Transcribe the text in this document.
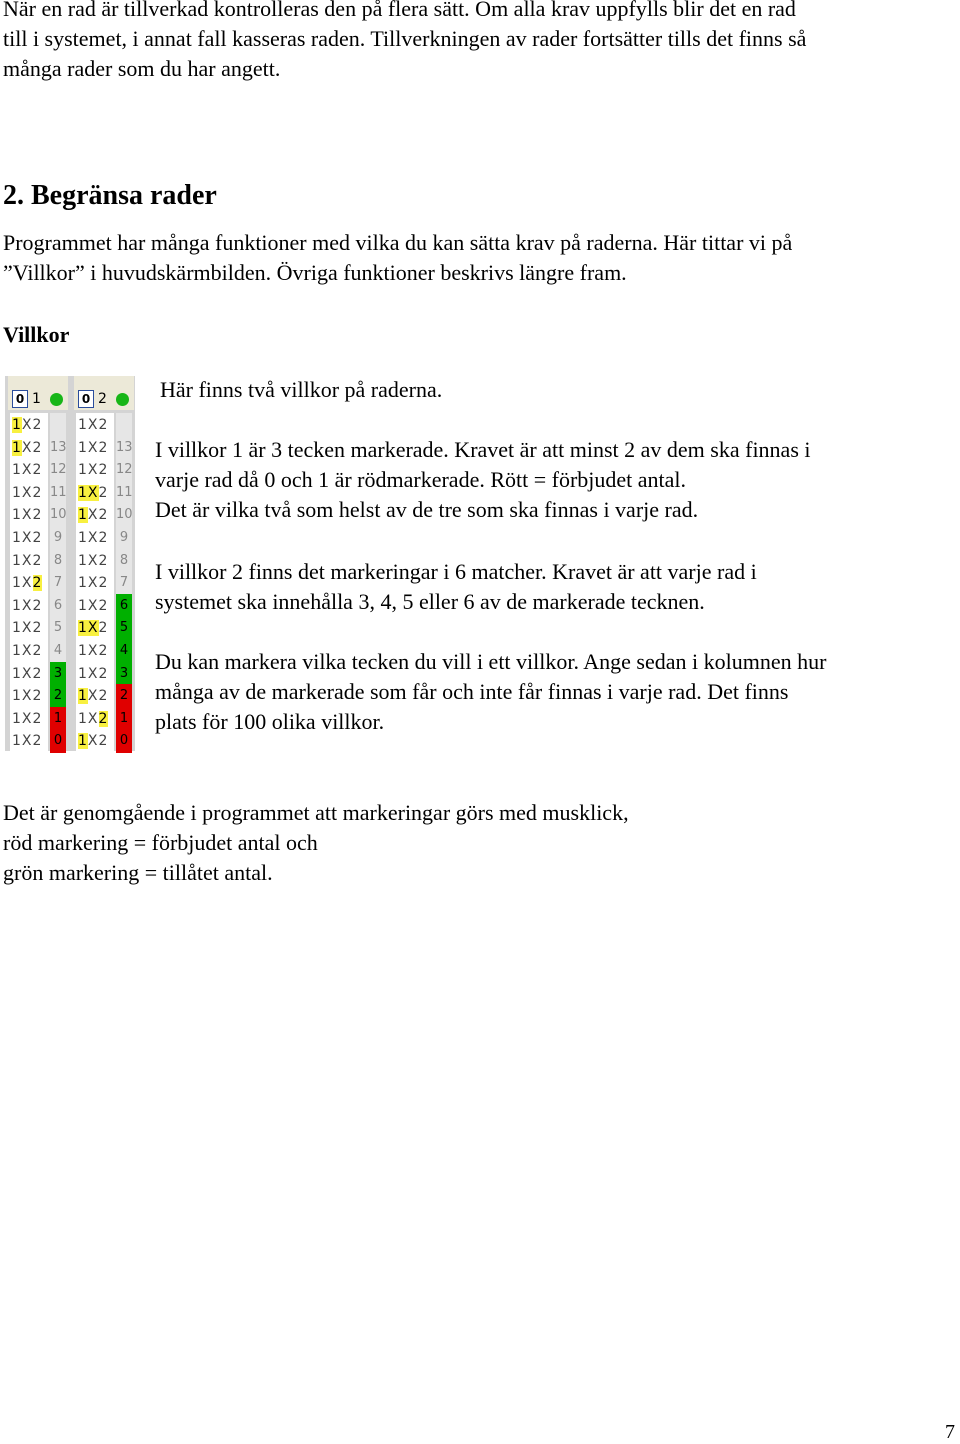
När en rad är tillverkad kontrolleras den på flera sätt. Om alla krav uppfylls blir det en rad
till i systemet, i annat fall kasseras raden. Tillverkningen av rader fortsätter tills det finns så
många rader som du har angett.
2. Begränsa rader
Programmet har många funktioner med vilka du kan sätta krav på raderna. Här tittar vi på
”Villkor” i huvudskärmbilden. Övriga funktioner beskrivs längre fram.
Villkor
0 1
1X2
1X2 13
1X2 12
1X2 11
1X2 10
1X2 9
1X2 8
1X2 7
1X2 6
1X2 5
1X2 4
1X2 3
1X2 2
1X2 1
1X2 0
0 2
1X2
1X2 13
1X2 12
1X2 11
1X2 10
1X2 9
1X2 8
1X2 7
1X2 6
1X2 5
1X2 4
1X2 3
1X2 2
1X2 1
1X2 0

Här finns två villkor på raderna.

I villkor 1 är 3 tecken markerade. Kravet är att minst 2 av dem ska finnas i
varje rad då 0 och 1 är rödmarkerade. Rött = förbjudet antal.
Det är vilka två som helst av de tre som ska finnas i varje rad.
I villkor 2 finns det markeringar i 6 matcher. Kravet är att varje rad i
systemet ska innehålla 3, 4, 5 eller 6 av de markerade tecknen.
Du kan markera vilka tecken du vill i ett villkor. Ange sedan i kolumnen hur
många av de markerade som får och inte får finnas i varje rad. Det finns
plats för 100 olika villkor.
Det är genomgående i programmet att markeringar görs med musklick,
röd markering = förbjudet antal och
grön markering = tillåtet antal.
7
